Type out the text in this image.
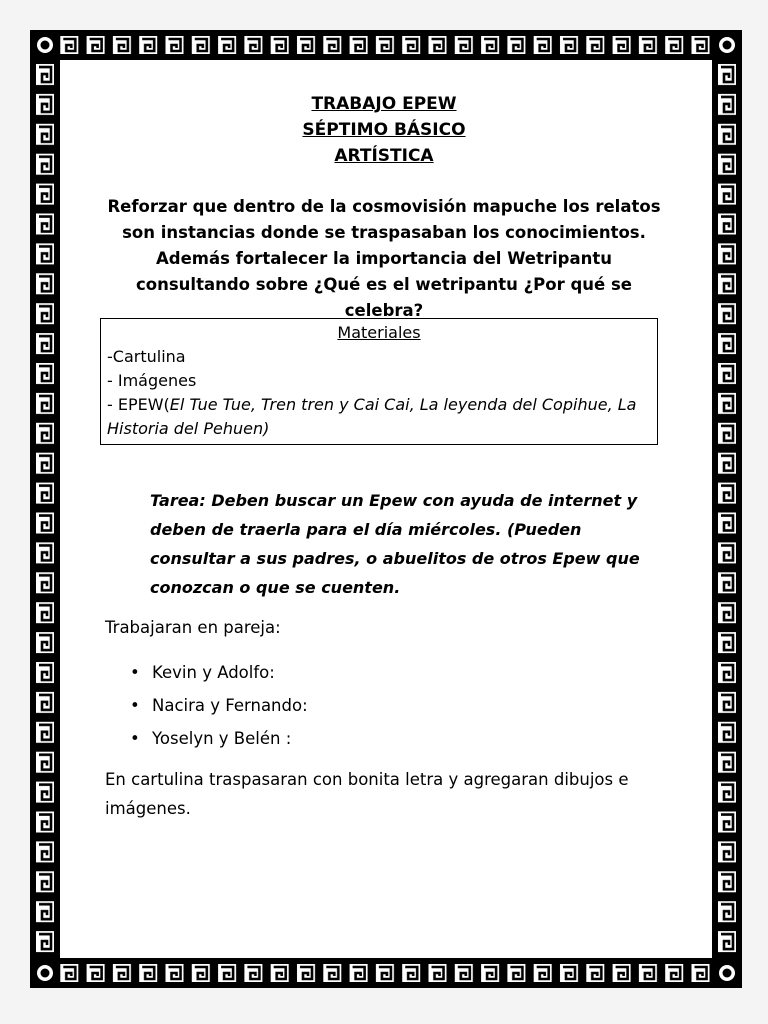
TRABAJO EPEW
SÉPTIMO BÁSICO
ARTÍSTICA
Reforzar que dentro de la cosmovisión mapuche los relatos son instancias donde se traspasaban los conocimientos. Además fortalecer la importancia del Wetripantu consultando sobre ¿Qué es el wetripantu ¿Por qué se celebra?
Materiales
-Cartulina
- Imágenes
- EPEW(El Tue Tue, Tren tren y Cai Cai, La leyenda del Copihue, La Historia del Pehuen)
Tarea: Deben buscar un Epew con ayuda de internet y deben de traerla para el día miércoles. (Pueden consultar a sus padres, o abuelitos de otros Epew que conozcan o que se cuenten.
Trabajaran en pareja:
• Kevin y Adolfo:
• Nacira y Fernando:
• Yoselyn y Belén :
En cartulina traspasaran con bonita letra y agregaran dibujos e imágenes.
